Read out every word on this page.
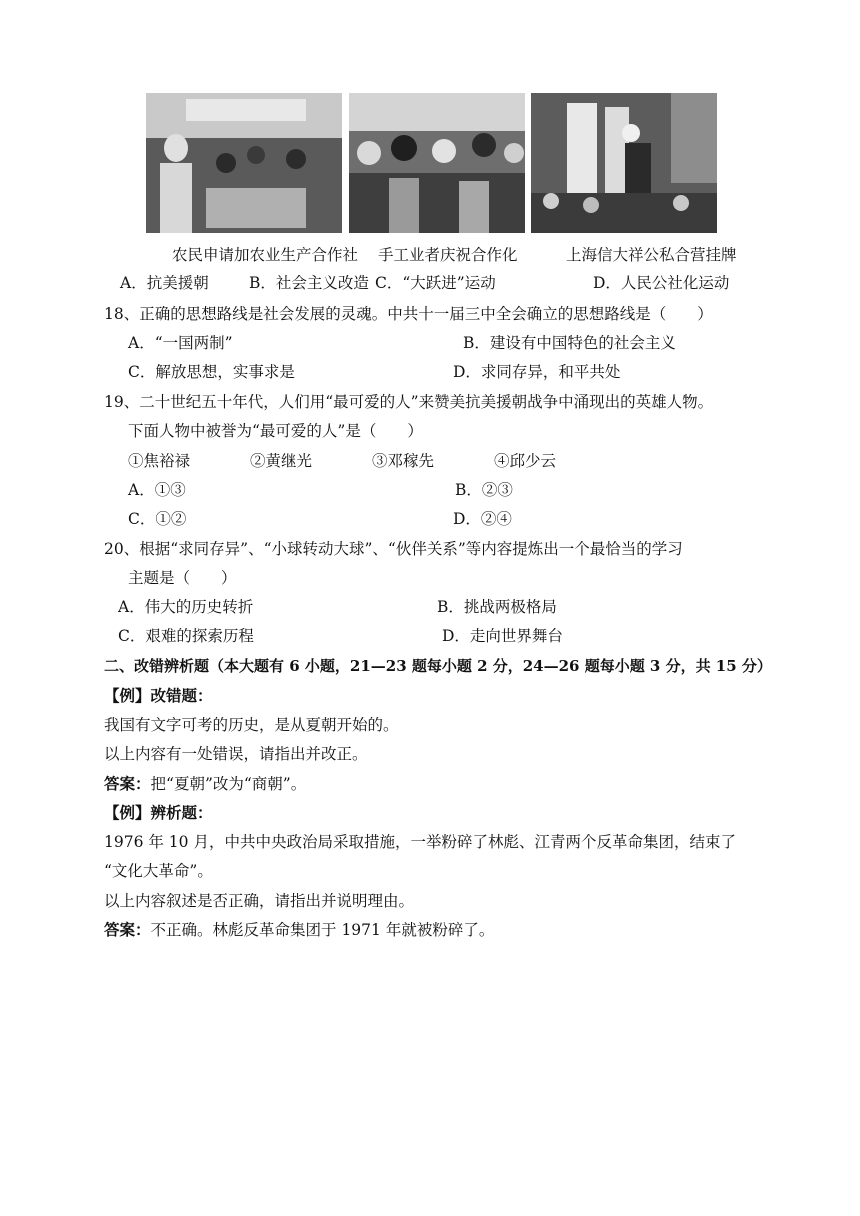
农民申请加农业生产合作社 手工业者庆祝合作化	上海信大祥公私合营挂牌
A．抗美援朝	B．社会主义改造 C．“大跃进”运动	D．人民公社化运动
18、正确的思想路线是社会发展的灵魂。中共十一届三中全会确立的思想路线是（　　）
A．“一国两制”	B．建设有中国特色的社会主义
C．解放思想，实事求是	D．求同存异，和平共处
19、二十世纪五十年代，人们用“最可爱的人”来赞美抗美援朝战争中涌现出的英雄人物。
下面人物中被誉为“最可爱的人”是（　　）
①焦裕禄	②黄继光	③邓稼先	④邱少云
A．①③	B．②③
C．①②	D．②④
20、根据“求同存异”、“小球转动大球”、“伙伴关系”等内容提炼出一个最恰当的学习
主题是（　　）
A．伟大的历史转折	B．挑战两极格局
C．艰难的探索历程	D．走向世界舞台
二、改错辨析题（本大题有 6 小题，21—23 题每小题 2 分，24—26 题每小题 3 分，共 15 分）
【例】改错题：
我国有文字可考的历史，是从夏朝开始的。
以上内容有一处错误，请指出并改正。
答案：把“夏朝”改为“商朝”。
【例】辨析题：
1976 年 10 月，中共中央政治局采取措施，一举粉碎了林彪、江青两个反革命集团，结束了
“文化大革命”。
以上内容叙述是否正确，请指出并说明理由。
答案：不正确。林彪反革命集团于 1971 年就被粉碎了。
